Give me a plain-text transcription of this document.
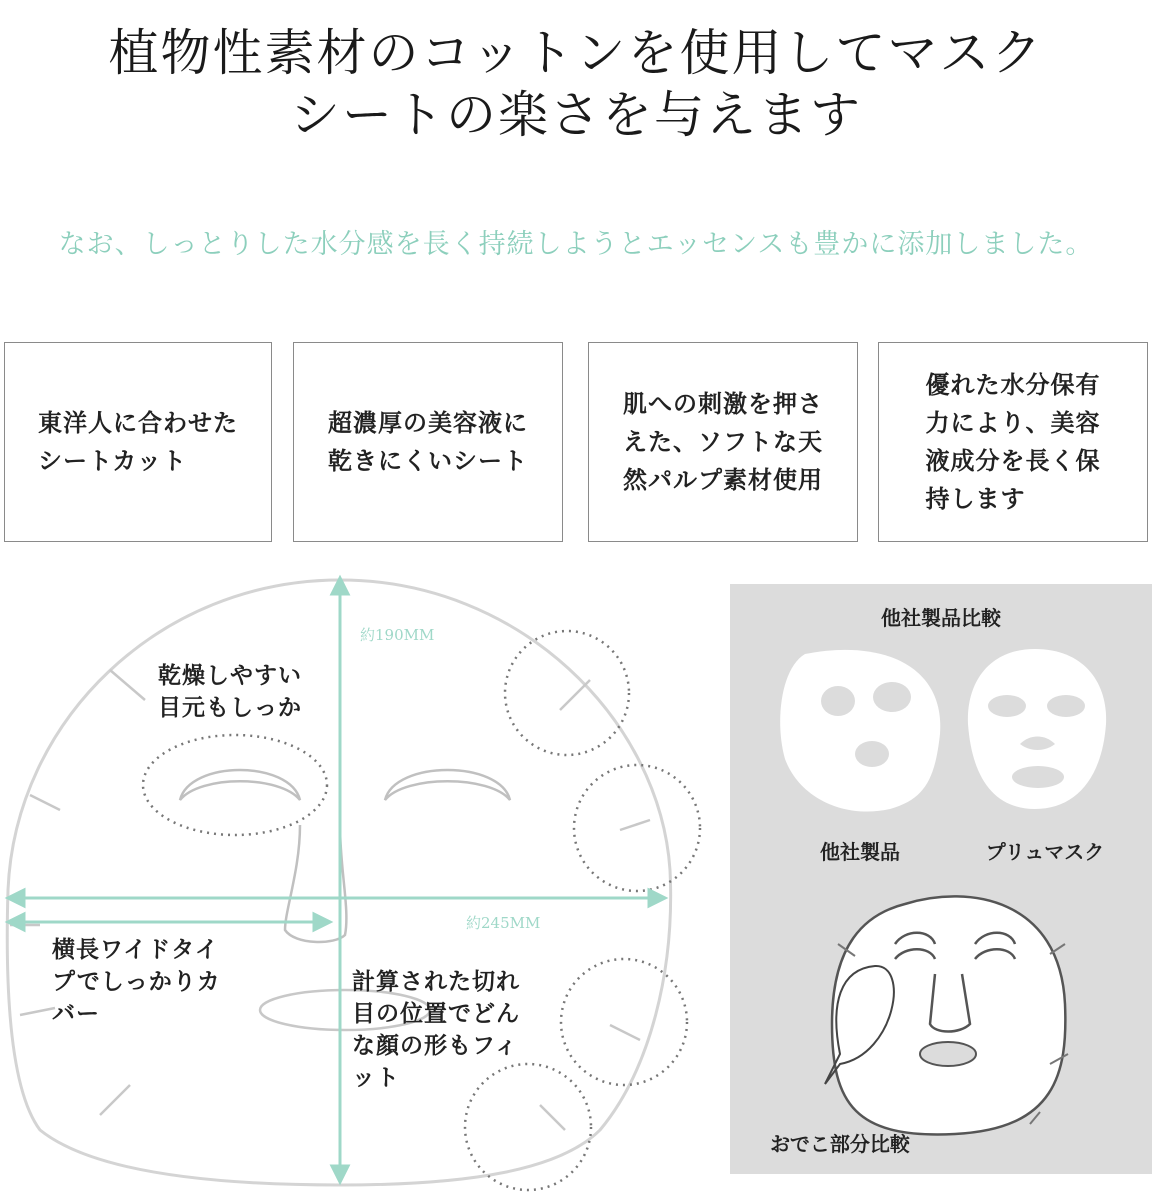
植物性素材のコットンを使用してマスク
シートの楽さを与えます
なお、しっとりした水分感を長く持続しようとエッセンスも豊かに添加しました。
東洋人に合わせた
シートカット
超濃厚の美容液に
乾きにくいシート
肌への刺激を押さ
えた、ソフトな天
然パルプ素材使用
優れた水分保有
力により、美容
液成分を長く保
持します
約190MM
約245MM
乾燥しやすい
目元もしっか
横長ワイドタイ
プでしっかりカ
バー
計算された切れ
目の位置でどん
な顔の形もフィ
ット
他社製品比較
他社製品	プリュマスク
おでこ部分比較
